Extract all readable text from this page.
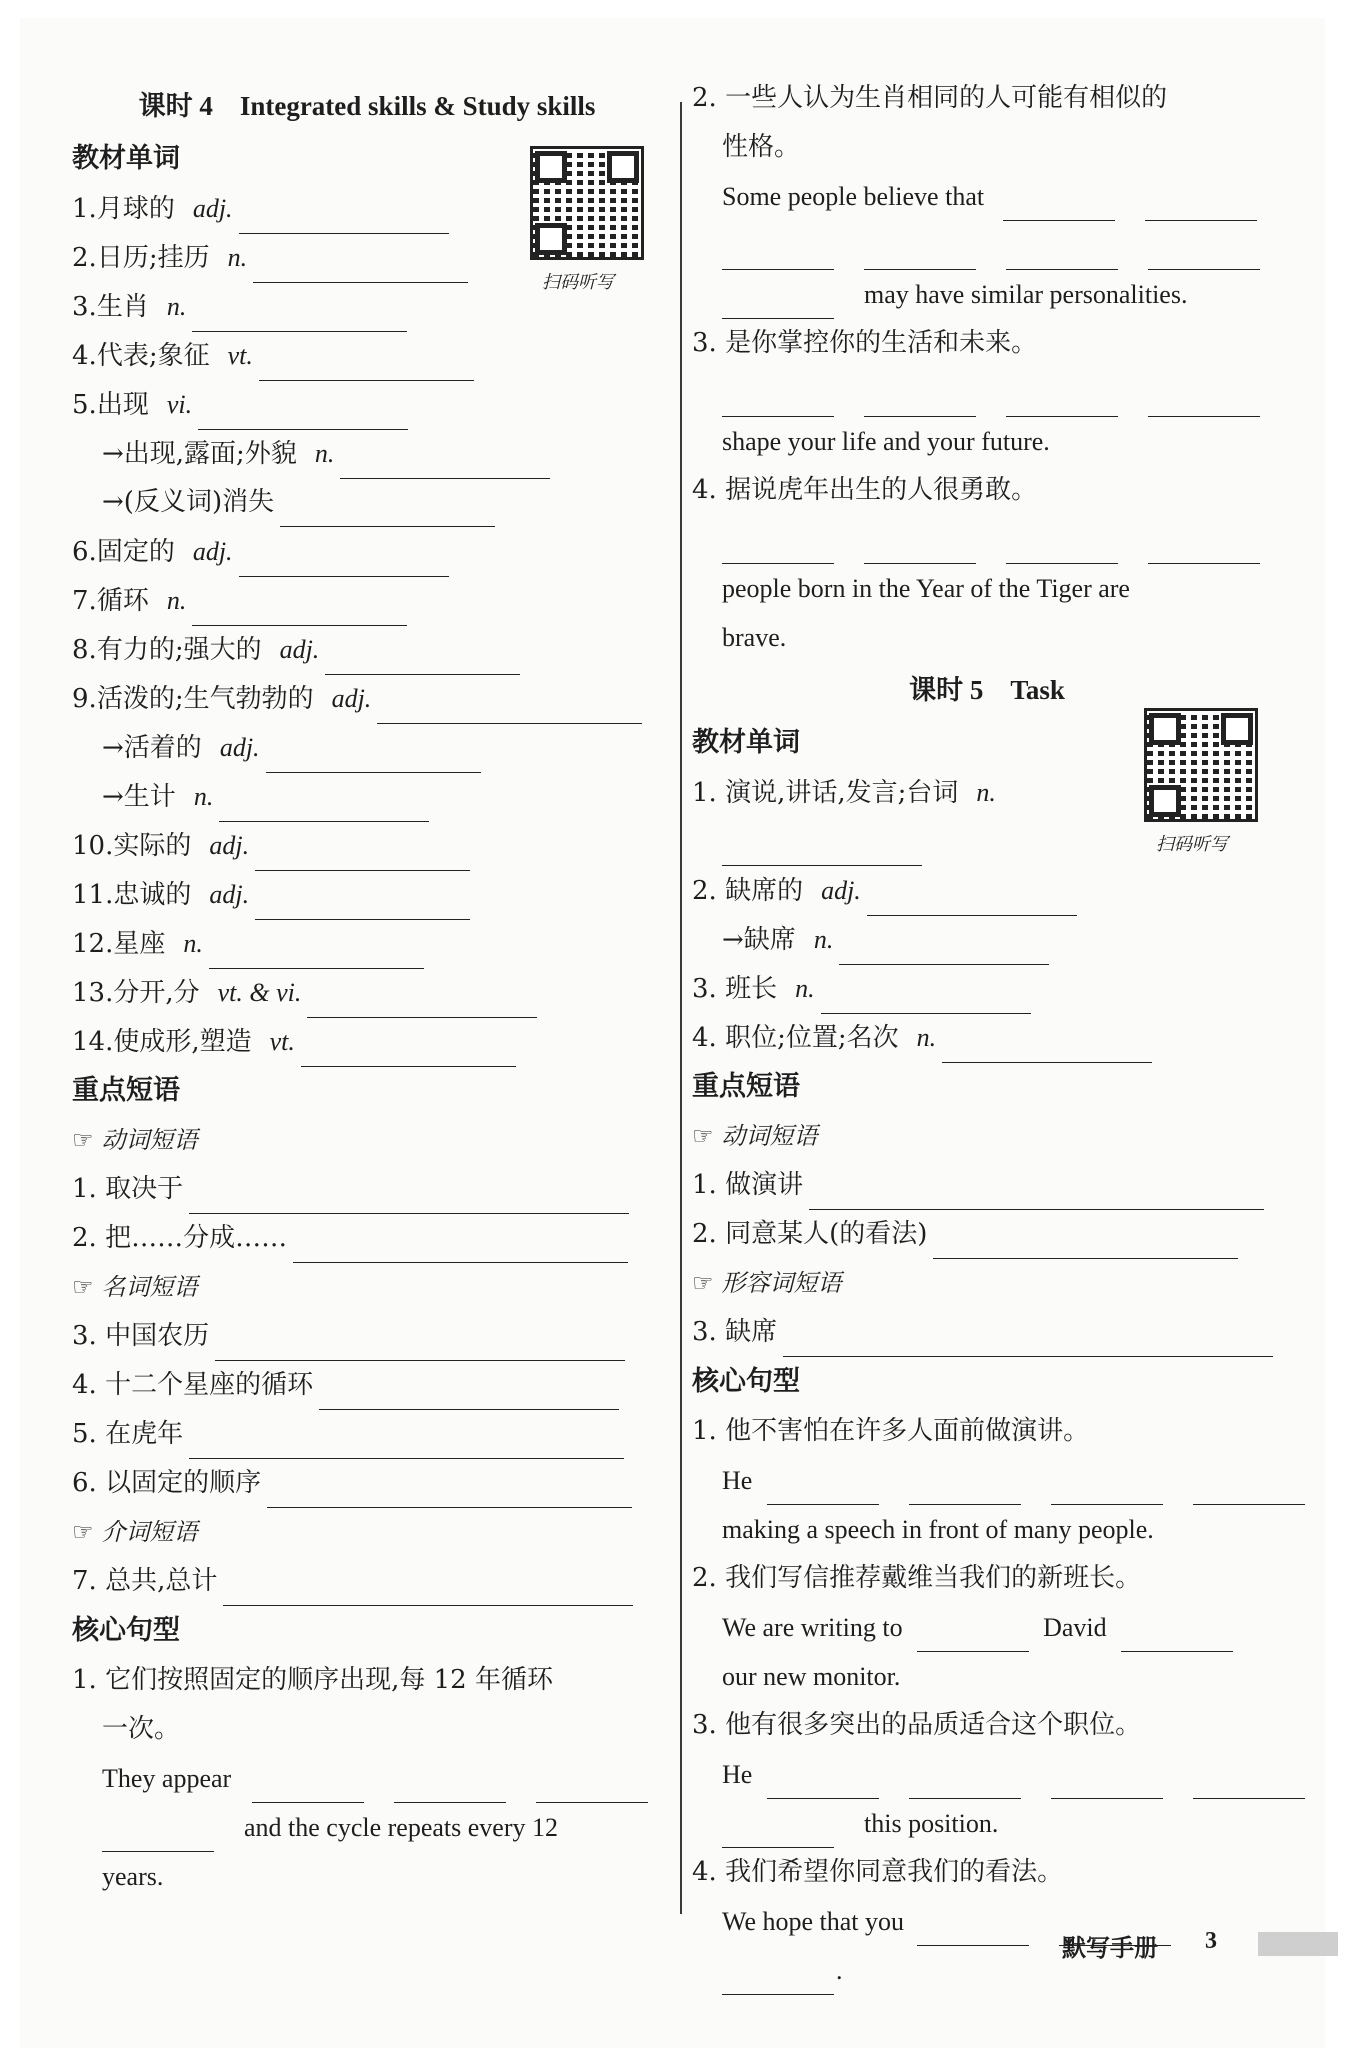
课时 4　Integrated skills & Study skills
教材单词
1.月球的 adj.
2.日历;挂历 n.
3.生肖 n.
4.代表;象征 vt.
5.出现 vi.
→出现,露面;外貌 n.
→(反义词)消失
6.固定的 adj.
7.循环 n.
8.有力的;强大的 adj.
9.活泼的;生气勃勃的 adj.
→活着的 adj.
→生计 n.
10.实际的 adj.
11.忠诚的 adj.
12.星座 n.
13.分开,分 vt. & vi.
14.使成形,塑造 vt.
重点短语
☞ 动词短语
1. 取决于
2. 把……分成……
☞ 名词短语
3. 中国农历
4. 十二个星座的循环
5. 在虎年
6. 以固定的顺序
☞ 介词短语
7. 总共,总计
核心句型
1. 它们按照固定的顺序出现,每 12 年循环
一次。
They appear
and the cycle repeats every 12
years.
扫码听写
2. 一些人认为生肖相同的人可能有相似的
性格。
Some people believe that
may have similar personalities.
3. 是你掌控你的生活和未来。
shape your life and your future.
4. 据说虎年出生的人很勇敢。
people born in the Year of the Tiger are
brave.
课时 5　Task
教材单词
1. 演说,讲话,发言;台词 n.
2. 缺席的 adj.
→缺席 n.
3. 班长 n.
4. 职位;位置;名次 n.
重点短语
☞ 动词短语
1. 做演讲
2. 同意某人(的看法)
☞ 形容词短语
3. 缺席
核心句型
1. 他不害怕在许多人面前做演讲。
He
making a speech in front of many people.
2. 我们写信推荐戴维当我们的新班长。
We are writing to	David
our new monitor.
3. 他有很多突出的品质适合这个职位。
He
this position.
4. 我们希望你同意我们的看法。
We hope that you
.
扫码听写
默写手册 3
